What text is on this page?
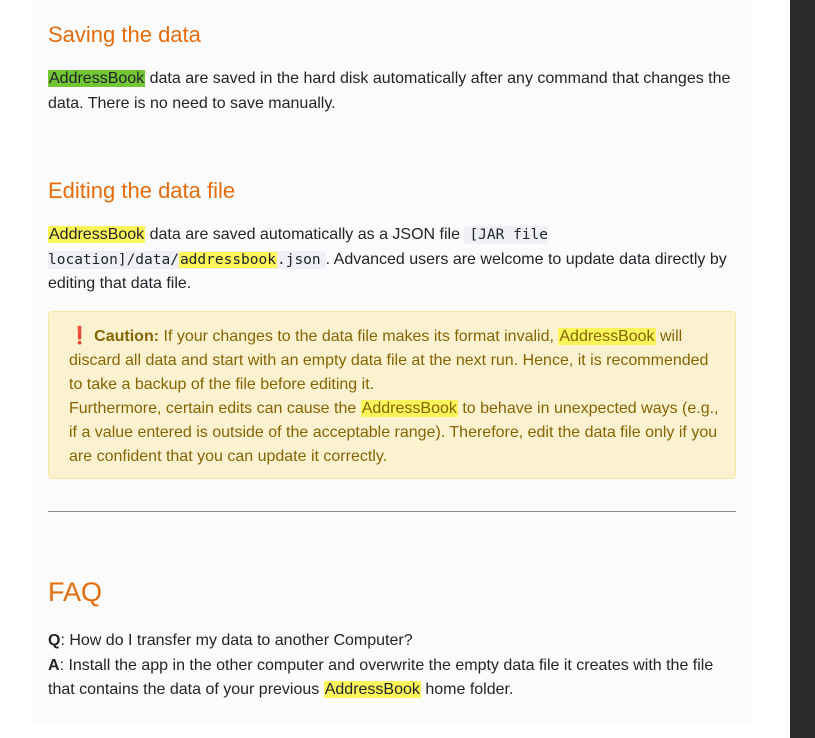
Saving the data

AddressBook data are saved in the hard disk automatically after any command that changes the data. There is no need to save manually.

Editing the data file

AddressBook data are saved automatically as a JSON file [JAR file location]/data/addressbook.json . Advanced users are welcome to update data directly by editing that data file.

❗ Caution: If your changes to the data file makes its format invalid, AddressBook will discard all data and start with an empty data file at the next run. Hence, it is recommended to take a backup of the file before editing it.
Furthermore, certain edits can cause the AddressBook to behave in unexpected ways (e.g., if a value entered is outside of the acceptable range). Therefore, edit the data file only if you are confident that you can update it correctly.

FAQ

Q: How do I transfer my data to another Computer?
A: Install the app in the other computer and overwrite the empty data file it creates with the file that contains the data of your previous AddressBook home folder.
